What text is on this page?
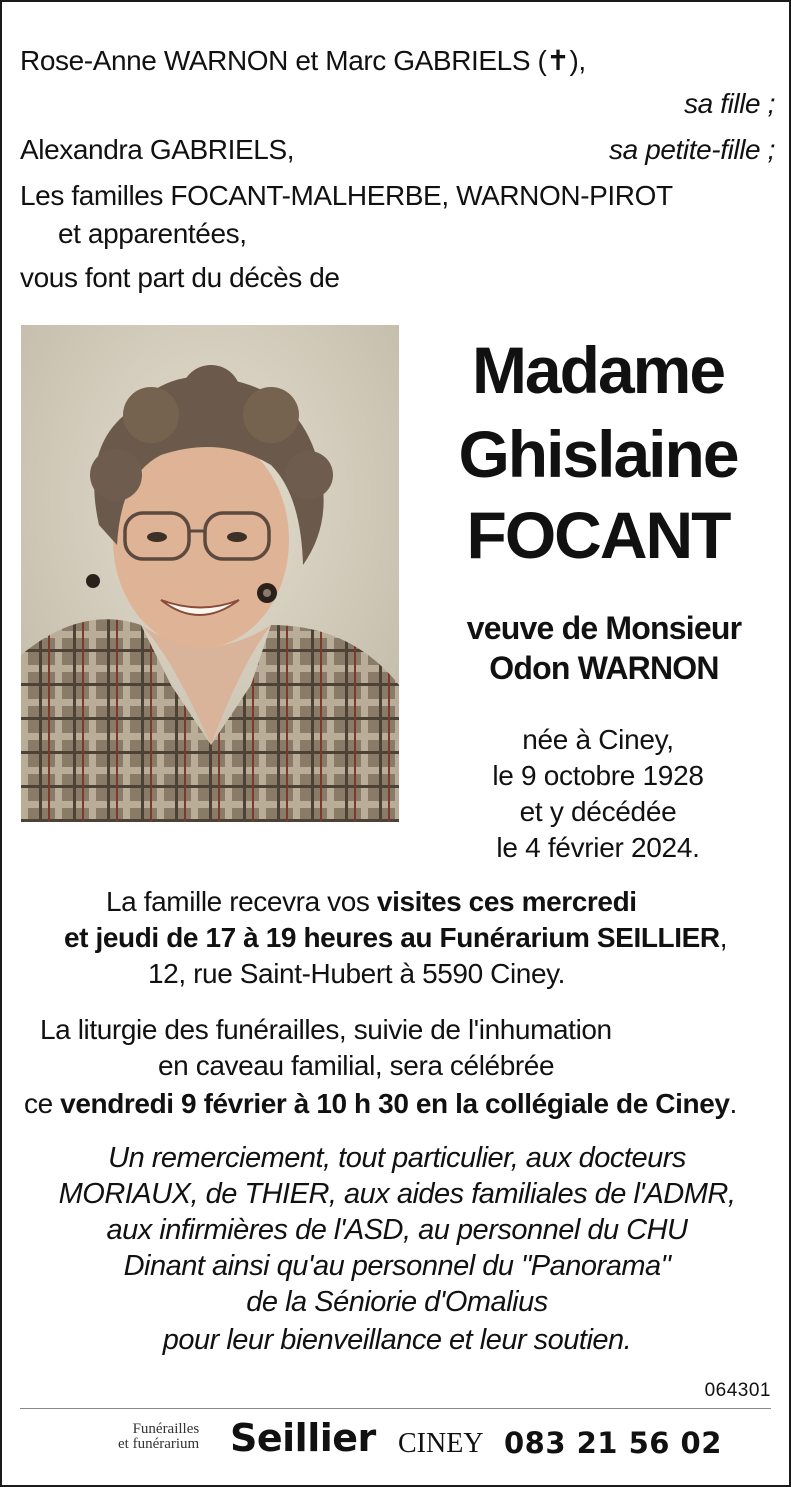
Rose-Anne WARNON et Marc GABRIELS (✝),
sa fille ;
Alexandra GABRIELS,	sa petite-fille ;
Les familles FOCANT-MALHERBE, WARNON-PIROT
et apparentées,
vous font part du décès de
Madame
Ghislaine
FOCANT
veuve de Monsieur
Odon WARNON
née à Ciney,
le 9 octobre 1928
et y décédée
le 4 février 2024.
La famille recevra vos visites ces mercredi
et jeudi de 17 à 19 heures au Funérarium SEILLIER,
12, rue Saint-Hubert à 5590 Ciney.
La liturgie des funérailles, suivie de l'inhumation
en caveau familial, sera célébrée
ce vendredi 9 février à 10 h 30 en la collégiale de Ciney.
Un remerciement, tout particulier, aux docteurs
MORIAUX, de THIER, aux aides familiales de l'ADMR,
aux infirmières de l'ASD, au personnel du CHU
Dinant ainsi qu'au personnel du "Panorama"
de la Séniorie d'Omalius
pour leur bienveillance et leur soutien.
064301
Funérailles
et funérarium Seillier CINEY 083 21 56 02
